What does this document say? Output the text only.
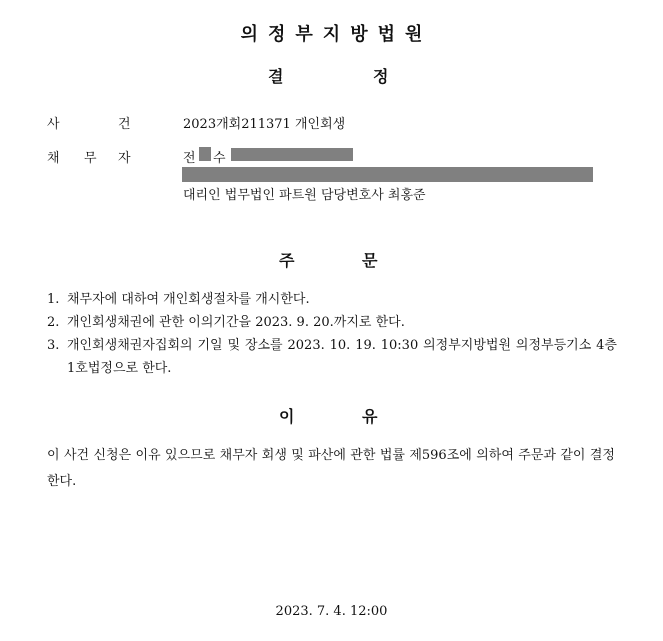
의정부지방법원
결	정
사	건	2023개회211371 개인회생
채 무 자	전 수
대리인 법무법인 파트원 담당변호사 최홍준
주	문
1. 채무자에 대하여 개인회생절차를 개시한다.
2. 개인회생채권에 관한 이의기간을 2023. 9. 20.까지로 한다.
3. 개인회생채권자집회의 기일 및 장소를 2023. 10. 19. 10:30 의정부지방법원 의정부등기소 4층 1호법정으로 한다.
이	유
이 사건 신청은 이유 있으므로 채무자 회생 및 파산에 관한 법률 제596조에 의하여 주문과 같이 결정한다.
2023. 7. 4. 12:00
